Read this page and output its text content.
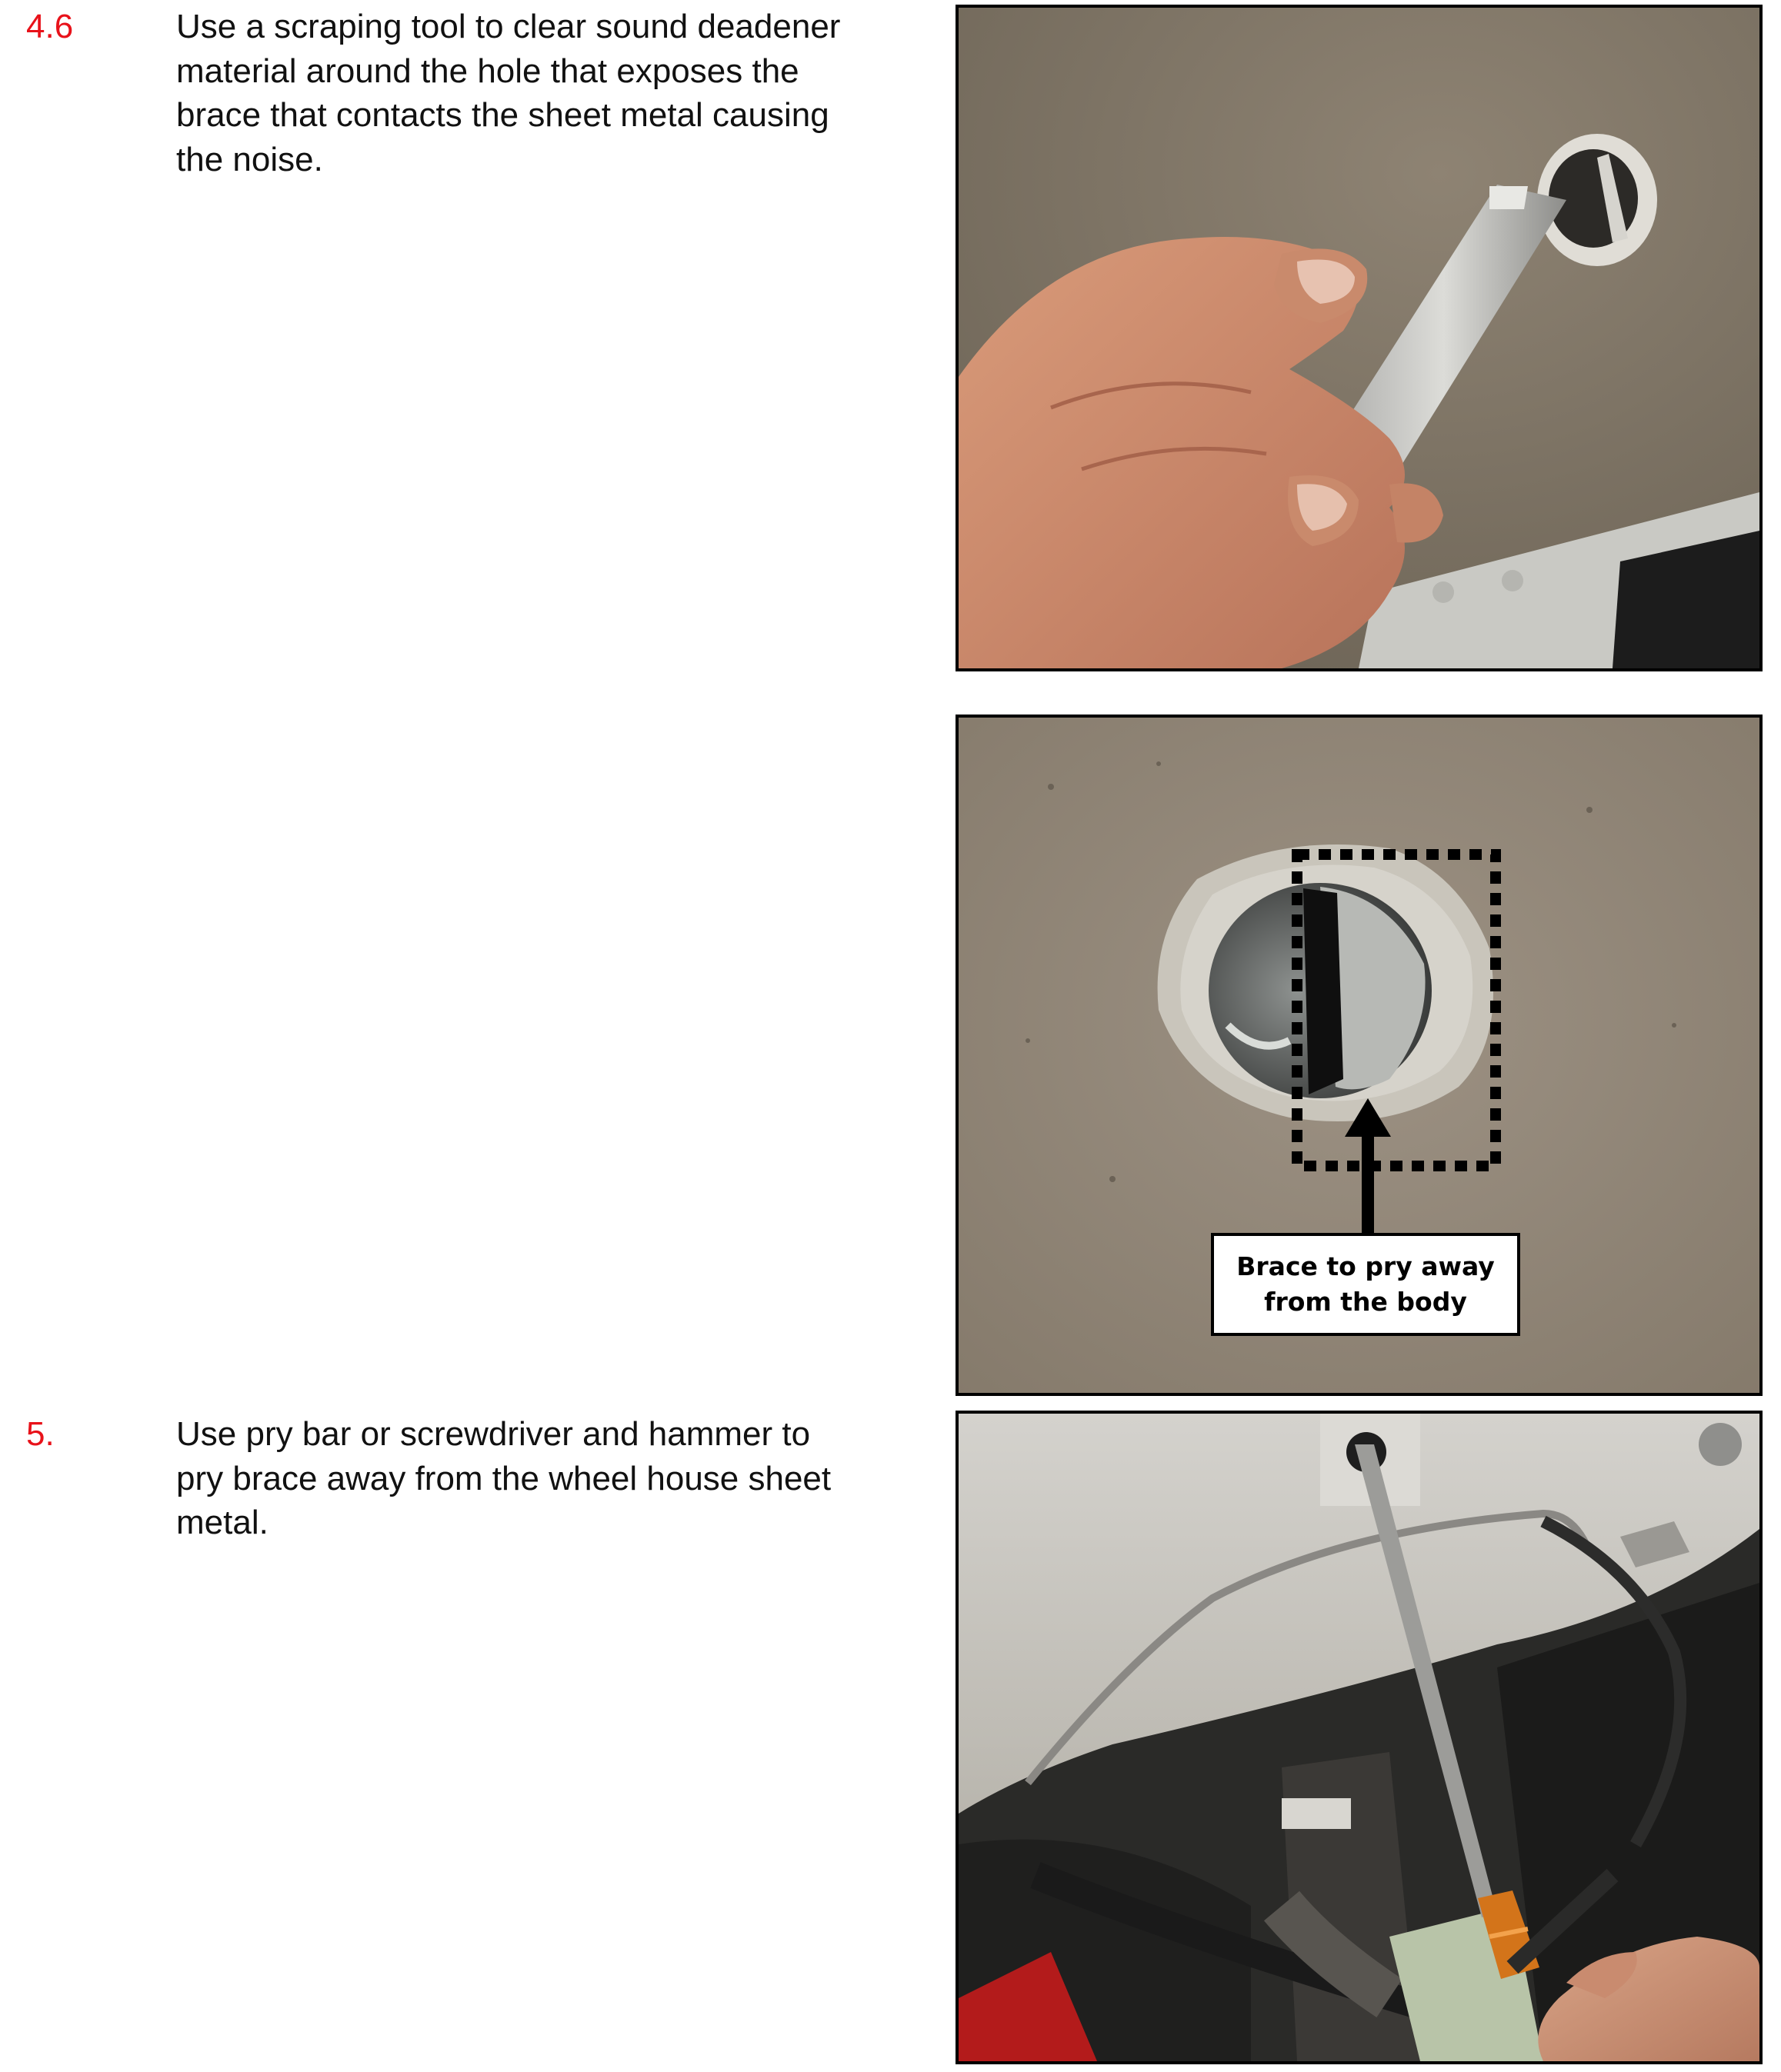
4.6	Use a scraping tool to clear sound deadener
material around the hole that exposes the
brace that contacts the sheet metal causing
the noise.
Brace to pry away
from the body
5.	Use pry bar or screwdriver and hammer to
pry brace away from the wheel house sheet
metal.
